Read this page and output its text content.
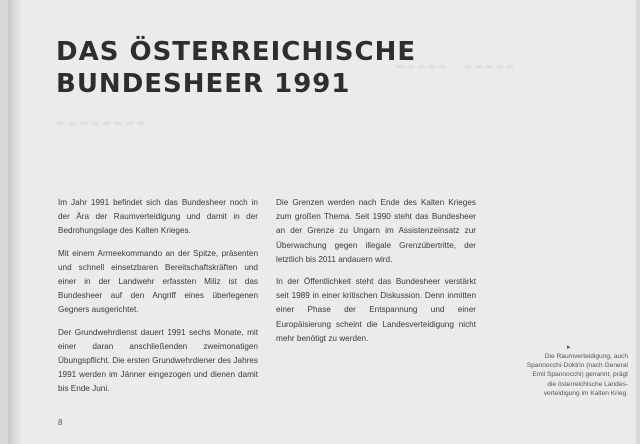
▬▬▬▬▬   ▬▬▬▬▬
▬▬▬▬▬▬▬▬
DAS ÖSTERREICHISCHE
BUNDESHEER 1991

Im Jahr 1991 befindet sich das Bundesheer noch in der Ära der Raumverteidigung und damit in der Bedrohungslage des Kalten Krieges.

Mit einem Armeekommando an der Spitze, präsenten und schnell einsetzbaren Bereitschaftskräften und einer in der Landwehr erfassten Miliz ist das Bundesheer auf den Angriff eines überlegenen Gegners ausgerichtet.

Der Grundwehrdienst dauert 1991 sechs Monate, mit einer daran anschließenden zweimonatigen Übungspflicht. Die ersten Grundwehrdiener des Jahres 1991 werden im Jänner eingezogen und dienen damit bis Ende Juni.

Die Grenzen werden nach Ende des Kalten Krieges zum großen Thema. Seit 1990 steht das Bundesheer an der Grenze zu Ungarn im Assistenzeinsatz zur Überwachung gegen illegale Grenzübertritte, der letztlich bis 2011 andauern wird.

In der Öffentlichkeit steht das Bundesheer verstärkt seit 1989 in einer kritischen Diskussion. Denn inmitten einer Phase der Entspannung und einer Europäisierung scheint die Landesverteidigung nicht mehr benötigt zu werden.

▸
Die Raumverteidigung, auch
Spannocchi-Doktrin (nach General
Emil Spannocchi) genannt, prägt
die österreichische Landes-
verteidigung im Kalten Krieg.
8
